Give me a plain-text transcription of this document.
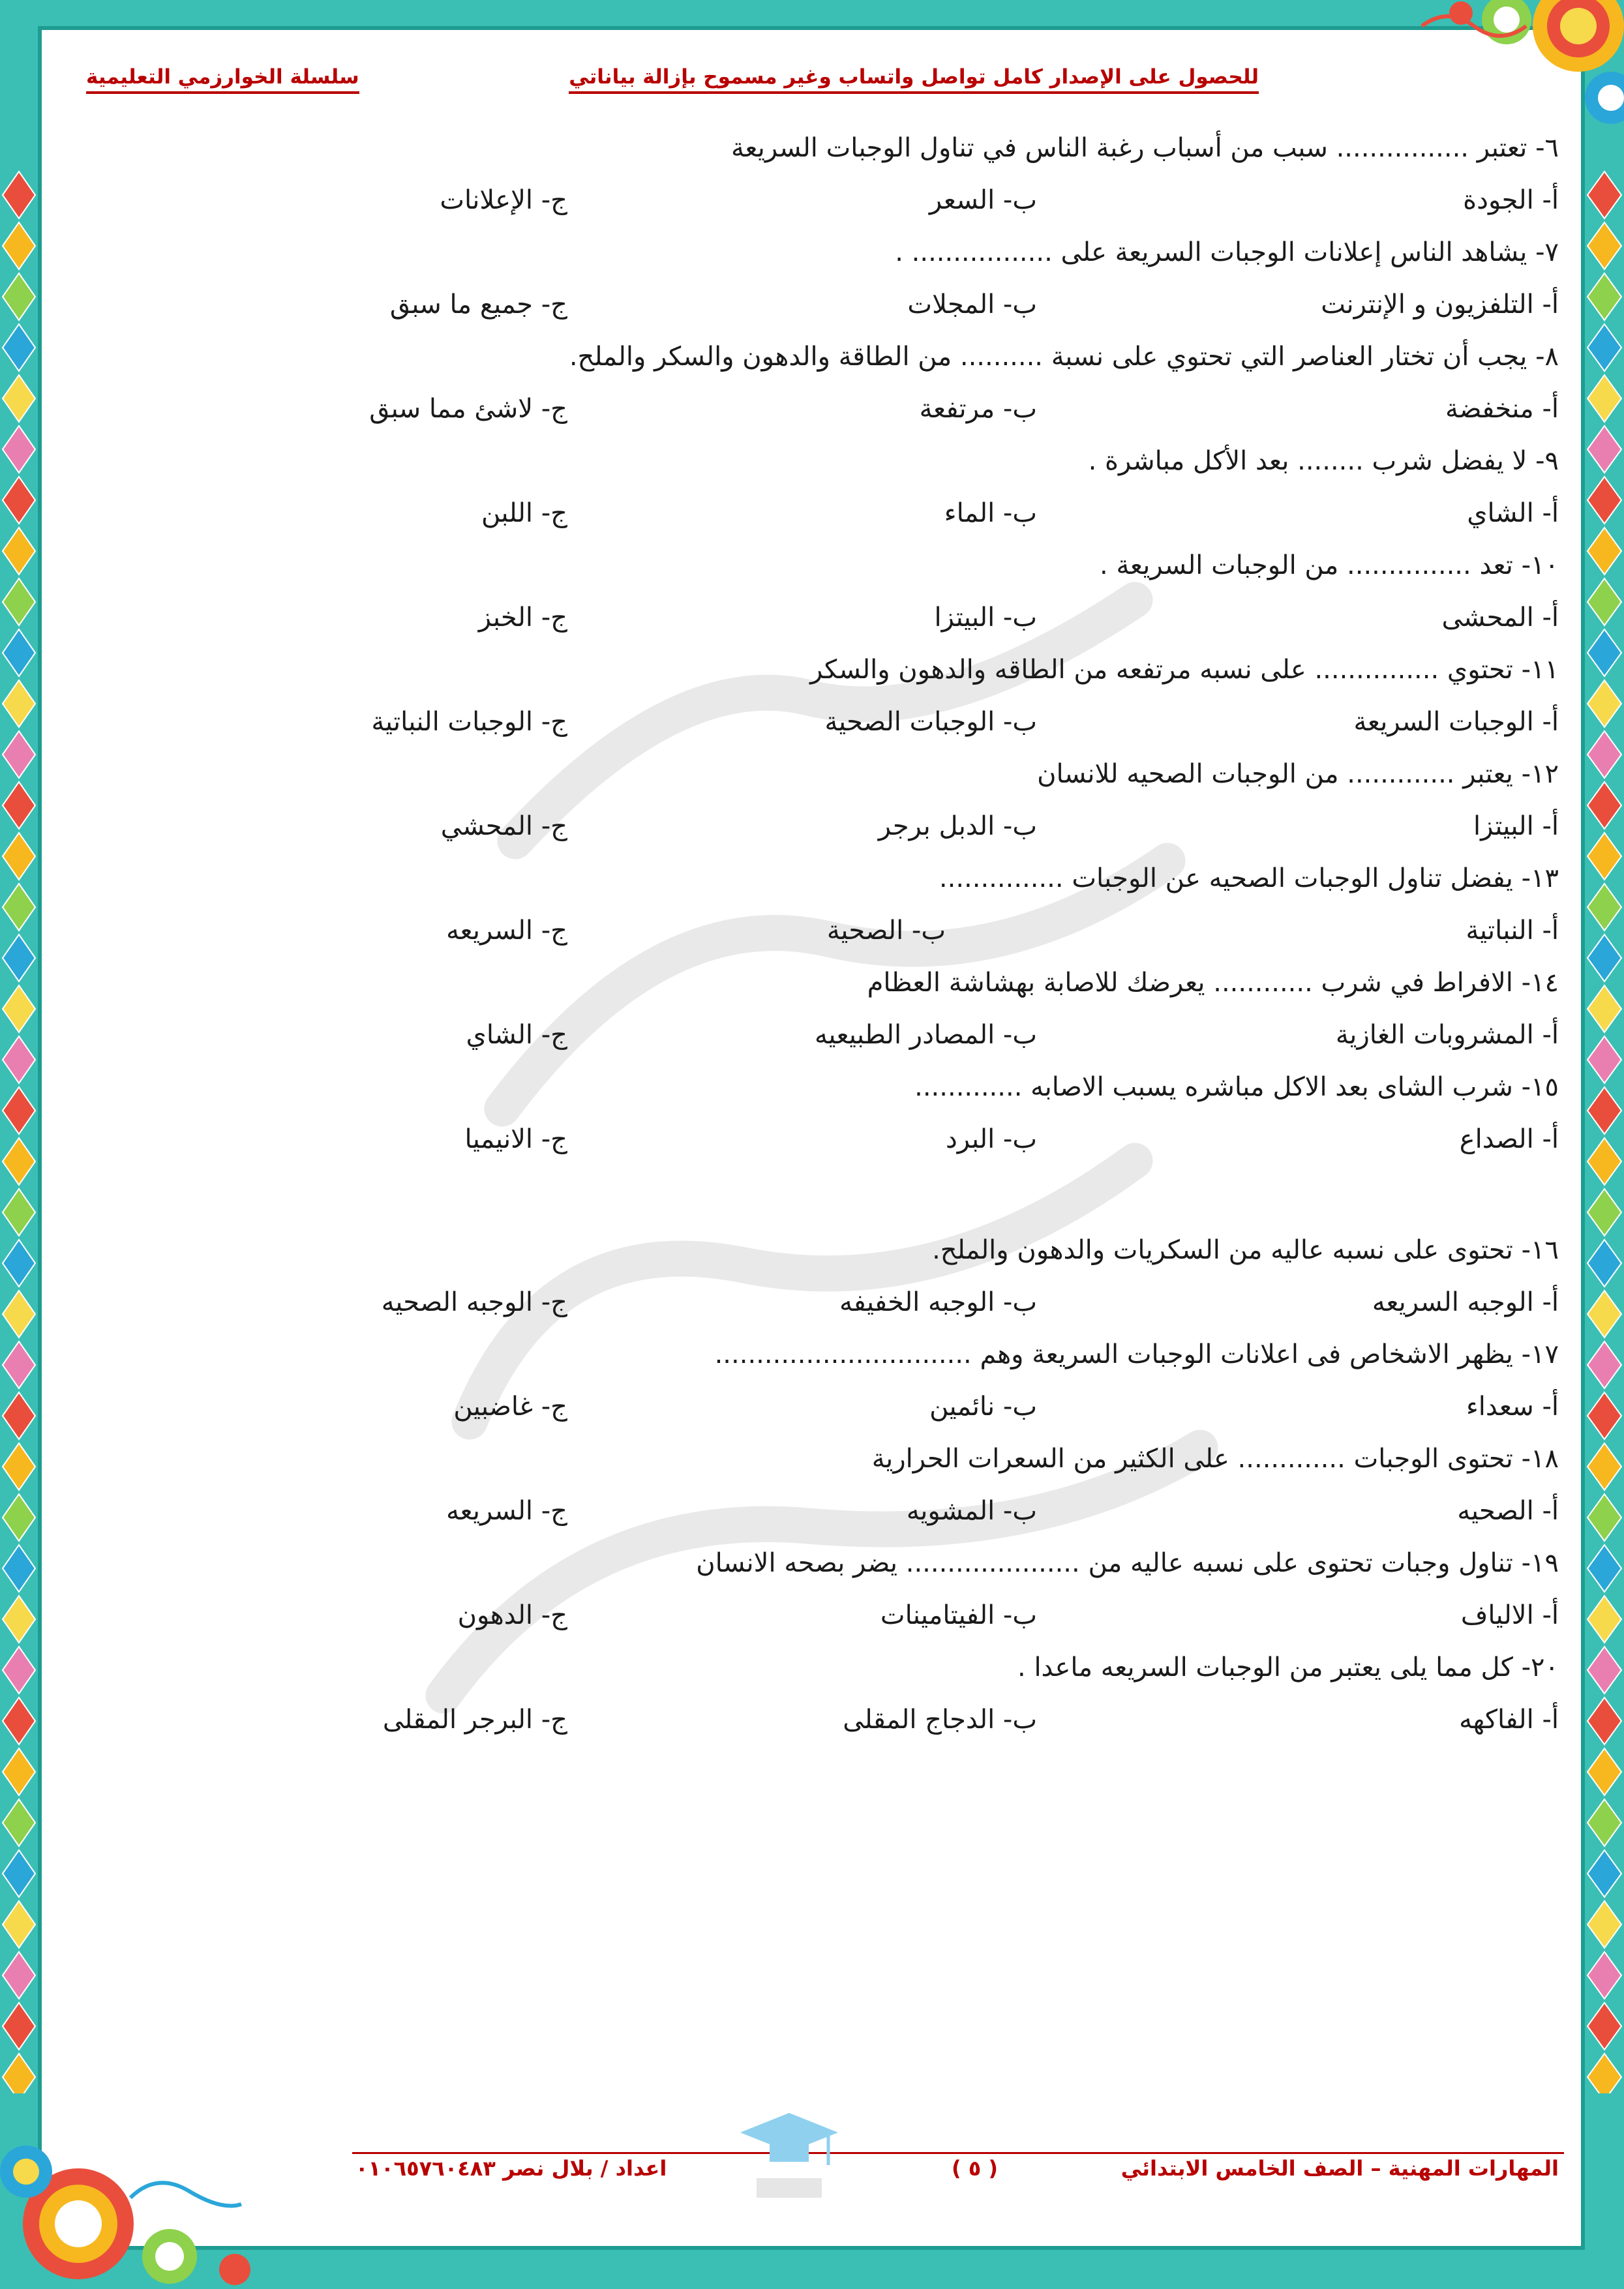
للحصول على الإصدار كامل تواصل واتساب وغير مسموح بإزالة بياناتي
سلسلة الخوارزمي التعليمية
٦- تعتبر ................ سبب من أسباب رغبة الناس في تناول الوجبات السريعة
أ- الجودة
ب- السعر
ج- الإعلانات
٧- يشاهد الناس إعلانات الوجبات السريعة على ................. .
أ- التلفزيون و الإنترنت
ب- المجلات
ج- جميع ما سبق
٨- يجب أن تختار العناصر التي تحتوي على نسبة .......... من الطاقة والدهون والسكر والملح.
أ- منخفضة
ب- مرتفعة
ج- لاشئ مما سبق
٩- لا يفضل شرب ........ بعد الأكل مباشرة .
أ- الشاي
ب- الماء
ج- اللبن
١٠- تعد ............... من الوجبات السريعة .
أ- المحشى
ب- البيتزا
ج- الخبز
١١- تحتوي ............... على نسبه مرتفعه من الطاقه والدهون والسكر
أ- الوجبات السريعة
ب- الوجبات الصحية
ج- الوجبات النباتية
١٢- يعتبر ............. من الوجبات الصحيه للانسان
أ- البيتزا
ب- الدبل برجر
ج- المحشي
١٣- يفضل تناول الوجبات الصحيه عن الوجبات ...............
أ- النباتية
ب- الصحية
ج- السريعه
١٤- الافراط في شرب ............ يعرضك للاصابة بهشاشة العظام
أ- المشروبات الغازية
ب- المصادر الطبيعيه
ج- الشاي
١٥- شرب الشاى بعد الاكل مباشره يسبب الاصابه .............
أ- الصداع
ب- البرد
ج- الانيميا
١٦- تحتوى على نسبه عاليه من السكريات والدهون والملح.
أ- الوجبه السريعه
ب- الوجبه الخفيفه
ج- الوجبه الصحيه
١٧- يظهر الاشخاص فى اعلانات الوجبات السريعة وهم ...............................
أ- سعداء
ب- نائمين
ج- غاضبين
١٨- تحتوى الوجبات ............. على الكثير من السعرات الحرارية
أ- الصحيه
ب- المشويه
ج- السريعه
١٩- تناول وجبات تحتوى على نسبه عاليه من ..................... يضر بصحه الانسان
أ- الالياف
ب- الفيتامينات
ج- الدهون
٢٠- كل مما يلى يعتبر من الوجبات السريعه ماعدا .
أ- الفاكهه
ب- الدجاج المقلى
ج- البرجر المقلى
المهارات المهنية – الصف الخامس الابتدائي
( ٥ )
اعداد / بلال نصر ٠١٠٦٥٧٦٠٤٨٣
